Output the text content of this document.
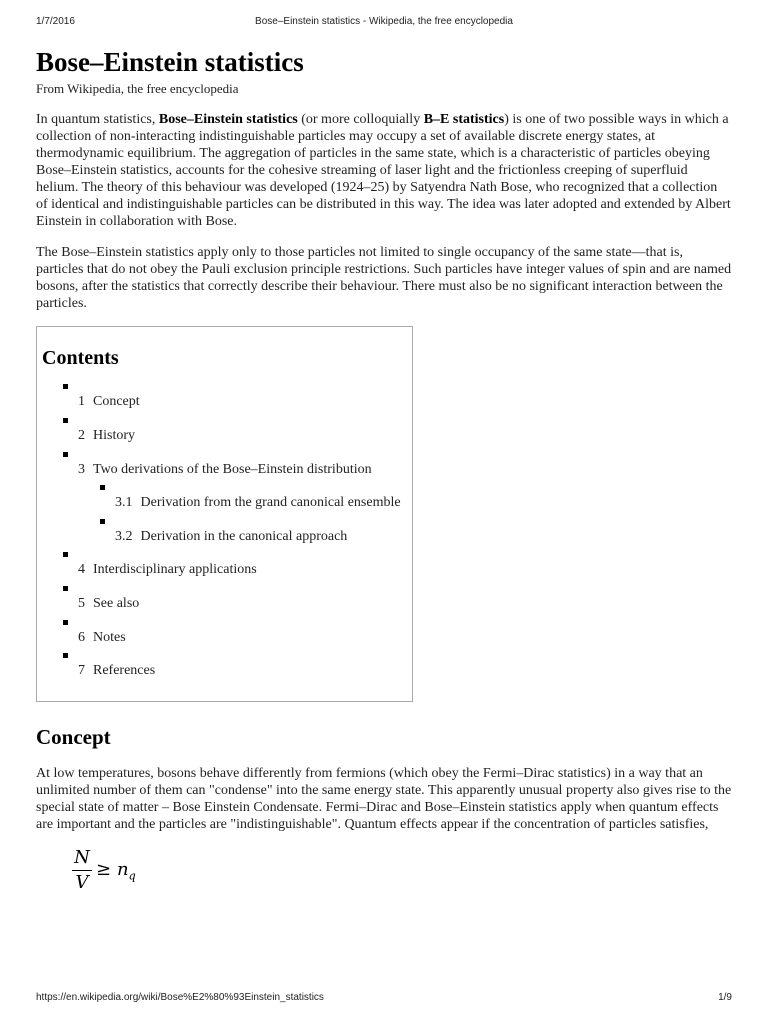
1/7/2016	Bose–Einstein statistics - Wikipedia, the free encyclopedia
Bose–Einstein statistics
From Wikipedia, the free encyclopedia

In quantum statistics, Bose–Einstein statistics (or more colloquially B–E statistics) is one of two possible ways in which a collection of non-interacting indistinguishable particles may occupy a set of available discrete energy states, at thermodynamic equilibrium. The aggregation of particles in the same state, which is a characteristic of particles obeying Bose–Einstein statistics, accounts for the cohesive streaming of laser light and the frictionless creeping of superfluid helium. The theory of this behaviour was developed (1924–25) by Satyendra Nath Bose, who recognized that a collection of identical and indistinguishable particles can be distributed in this way. The idea was later adopted and extended by Albert Einstein in collaboration with Bose.

The Bose–Einstein statistics apply only to those particles not limited to single occupancy of the same state—that is, particles that do not obey the Pauli exclusion principle restrictions. Such particles have integer values of spin and are named bosons, after the statistics that correctly describe their behaviour. There must also be no significant interaction between the particles.

Contents
1 Concept
2 History
3 Two derivations of the Bose–Einstein distribution
3.1 Derivation from the grand canonical ensemble
3.2 Derivation in the canonical approach
4 Interdisciplinary applications
5 See also
6 Notes
7 References
Concept

At low temperatures, bosons behave differently from fermions (which obey the Fermi–Dirac statistics) in a way that an unlimited number of them can "condense" into the same energy state. This apparently unusual property also gives rise to the special state of matter – Bose Einstein Condensate. Fermi–Dirac and Bose–Einstein statistics apply when quantum effects are important and the particles are "indistinguishable". Quantum effects appear if the concentration of particles satisfies,

N
V
≥ $n_q$
https://en.wikipedia.org/wiki/Bose%E2%80%93Einstein_statistics	1/9
